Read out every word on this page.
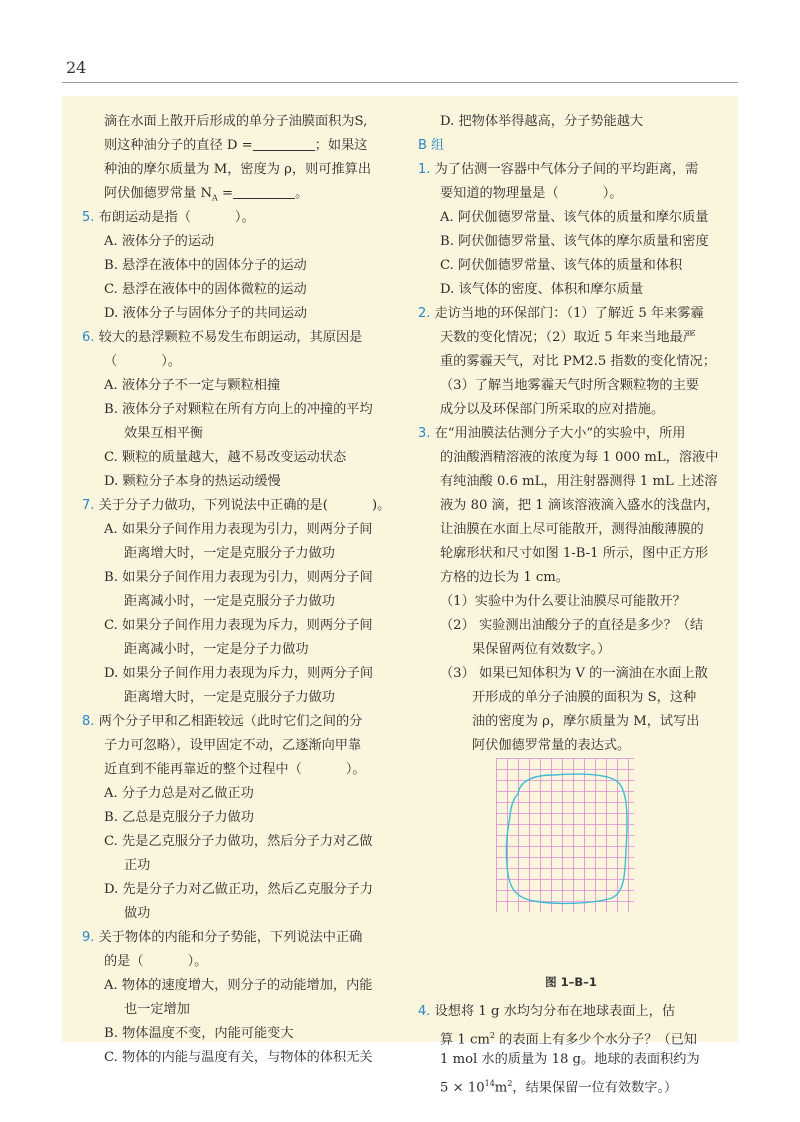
24
滴在水面上散开后形成的单分子油膜面积为S,
则这种油分子的直径 D =	；如果这
种油的摩尔质量为 M，密度为 ρ，则可推算出
阿伏伽德罗常量 $N_A$ =	。
5. 布朗运动是指（	）。
A. 液体分子的运动
B. 悬浮在液体中的固体分子的运动
C. 悬浮在液体中的固体微粒的运动
D. 液体分子与固体分子的共同运动
6. 较大的悬浮颗粒不易发生布朗运动，其原因是
（	）。
A. 液体分子不一定与颗粒相撞
B. 液体分子对颗粒在所有方向上的冲撞的平均
效果互相平衡
C. 颗粒的质量越大，越不易改变运动状态
D. 颗粒分子本身的热运动缓慢
7. 关于分子力做功，下列说法中正确的是(	)。
A. 如果分子间作用力表现为引力，则两分子间
距离增大时，一定是克服分子力做功
B. 如果分子间作用力表现为引力，则两分子间
距离减小时，一定是克服分子力做功
C. 如果分子间作用力表现为斥力，则两分子间
距离减小时，一定是分子力做功
D. 如果分子间作用力表现为斥力，则两分子间
距离增大时，一定是克服分子力做功
8. 两个分子甲和乙相距较远（此时它们之间的分
子力可忽略），设甲固定不动，乙逐渐向甲靠
近直到不能再靠近的整个过程中（	）。
A. 分子力总是对乙做正功
B. 乙总是克服分子力做功
C. 先是乙克服分子力做功，然后分子力对乙做
正功
D. 先是分子力对乙做正功，然后乙克服分子力
做功
9. 关于物体的内能和分子势能，下列说法中正确
的是（	）。
A. 物体的速度增大，则分子的动能增加，内能
也一定增加
B. 物体温度不变，内能可能变大
C. 物体的内能与温度有关，与物体的体积无关
D. 把物体举得越高，分子势能越大
B 组
1. 为了估测一容器中气体分子间的平均距离，需
要知道的物理量是（	）。
A. 阿伏伽德罗常量、该气体的质量和摩尔质量
B. 阿伏伽德罗常量、该气体的摩尔质量和密度
C. 阿伏伽德罗常量、该气体的质量和体积
D. 该气体的密度、体积和摩尔质量
2. 走访当地的环保部门：（1）了解近 5 年来雾霾
天数的变化情况；（2）取近 5 年来当地最严
重的雾霾天气，对比 PM2.5 指数的变化情况；
（3）了解当地雾霾天气时所含颗粒物的主要
成分以及环保部门所采取的应对措施。
3. 在“用油膜法估测分子大小”的实验中，所用
的油酸酒精溶液的浓度为每 1 000 mL，溶液中
有纯油酸 0.6 mL，用注射器测得 1 mL 上述溶
液为 80 滴，把 1 滴该溶液滴入盛水的浅盘内，
让油膜在水面上尽可能散开，测得油酸薄膜的
轮廓形状和尺寸如图 1-B-1 所示，图中正方形
方格的边长为 1 cm。
（1）实验中为什么要让油膜尽可能散开？
（2） 实验测出油酸分子的直径是多少？（结
果保留两位有效数字。）
（3） 如果已知体积为 V 的一滴油在水面上散
开形成的单分子油膜的面积为 S，这种
油的密度为 ρ，摩尔质量为 M，试写出
阿伏伽德罗常量的表达式。
图 1–B–1
4. 设想将 1 g 水均匀分布在地球表面上，估
算 1 $cm^2$ 的表面上有多少个水分子？（已知
1 mol 水的质量为 18 g。地球的表面积约为
$5 \times 10^{14}m^2$，结果保留一位有效数字。）
